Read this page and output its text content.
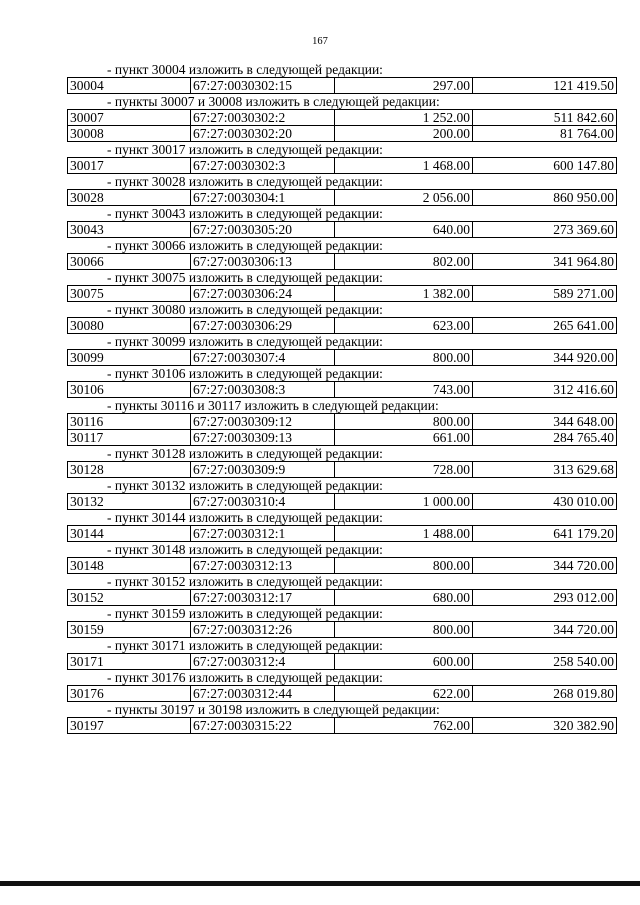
167
- пункт 30004 изложить в следующей редакции:
30004	67:27:0030302:15	297.00	121 419.50
- пункты 30007 и 30008 изложить в следующей редакции:
30007	67:27:0030302:2	1 252.00	511 842.60
30008	67:27:0030302:20	200.00	81 764.00
- пункт 30017 изложить в следующей редакции:
30017	67:27:0030302:3	1 468.00	600 147.80
- пункт 30028 изложить в следующей редакции:
30028	67:27:0030304:1	2 056.00	860 950.00
- пункт 30043 изложить в следующей редакции:
30043	67:27:0030305:20	640.00	273 369.60
- пункт 30066 изложить в следующей редакции:
30066	67:27:0030306:13	802.00	341 964.80
- пункт 30075 изложить в следующей редакции:
30075	67:27:0030306:24	1 382.00	589 271.00
- пункт 30080 изложить в следующей редакции:
30080	67:27:0030306:29	623.00	265 641.00
- пункт 30099 изложить в следующей редакции:
30099	67:27:0030307:4	800.00	344 920.00
- пункт 30106 изложить в следующей редакции:
30106	67:27:0030308:3	743.00	312 416.60
- пункты 30116 и 30117 изложить в следующей редакции:
30116	67:27:0030309:12	800.00	344 648.00
30117	67:27:0030309:13	661.00	284 765.40
- пункт 30128 изложить в следующей редакции:
30128	67:27:0030309:9	728.00	313 629.68
- пункт 30132 изложить в следующей редакции:
30132	67:27:0030310:4	1 000.00	430 010.00
- пункт 30144 изложить в следующей редакции:
30144	67:27:0030312:1	1 488.00	641 179.20
- пункт 30148 изложить в следующей редакции:
30148	67:27:0030312:13	800.00	344 720.00
- пункт 30152 изложить в следующей редакции:
30152	67:27:0030312:17	680.00	293 012.00
- пункт 30159 изложить в следующей редакции:
30159	67:27:0030312:26	800.00	344 720.00
- пункт 30171 изложить в следующей редакции:
30171	67:27:0030312:4	600.00	258 540.00
- пункт 30176 изложить в следующей редакции:
30176	67:27:0030312:44	622.00	268 019.80
- пункты 30197 и 30198 изложить в следующей редакции:
30197	67:27:0030315:22	762.00	320 382.90
